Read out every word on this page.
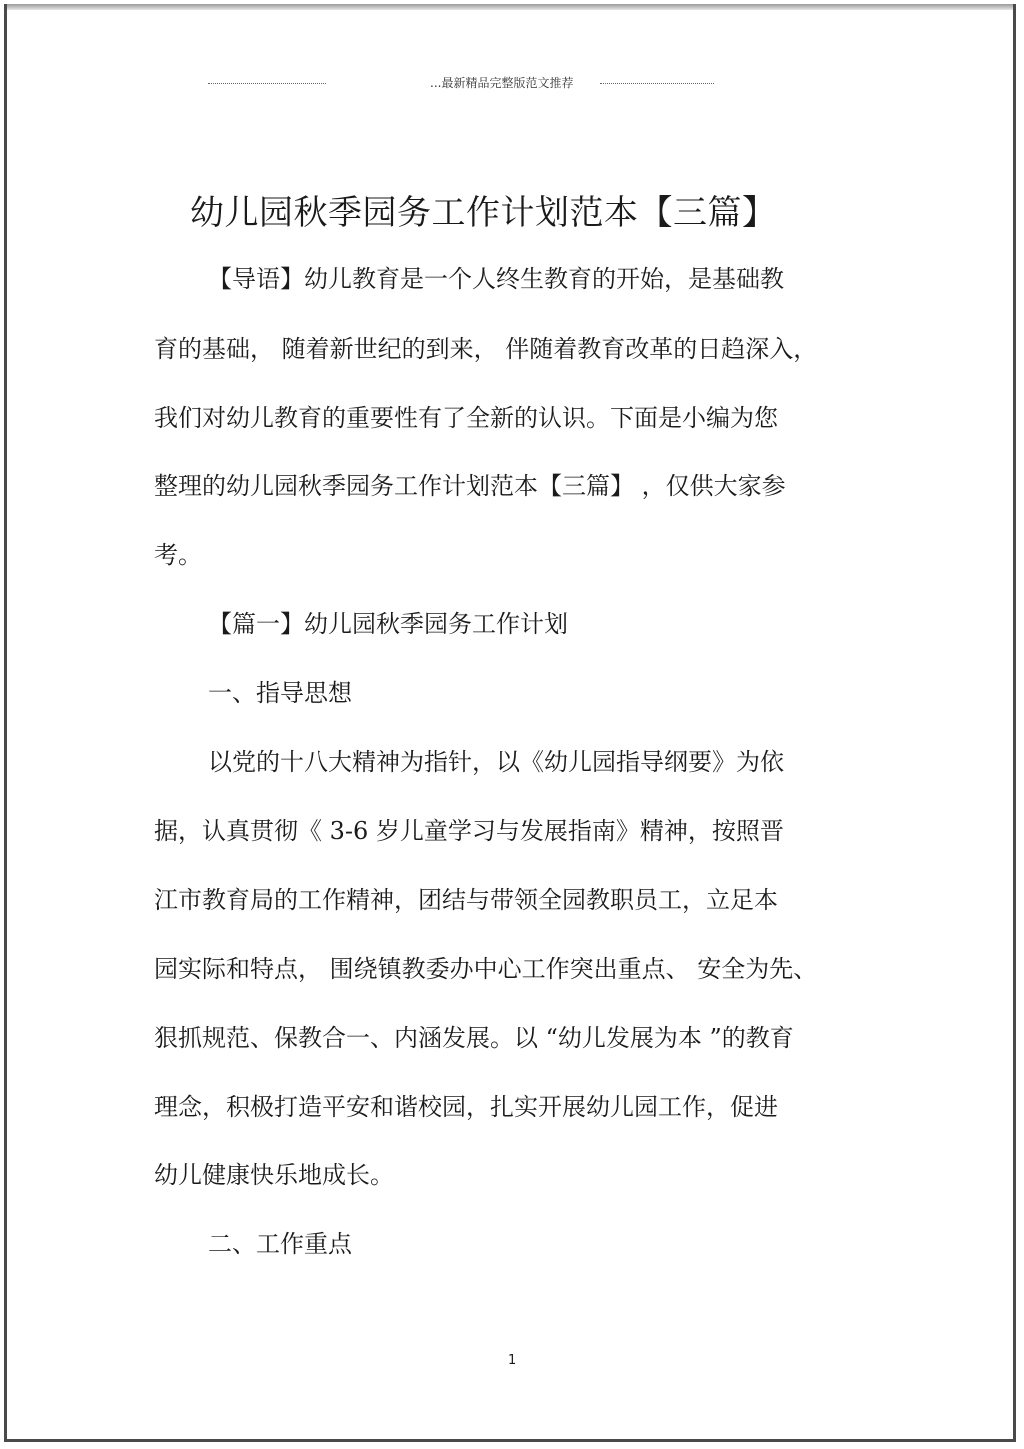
...最新精品完整版范文推荐
幼儿园秋季园务工作计划范本【三篇】
【导语】幼儿教育是一个人终生教育的开始，是基础教
育的基础， 随着新世纪的到来， 伴随着教育改革的日趋深入，
我们对幼儿教育的重要性有了全新的认识。下面是小编为您
整理的幼儿园秋季园务工作计划范本【三篇】 ，仅供大家参
考。
【篇一】幼儿园秋季园务工作计划
一、指导思想
以党的十八大精神为指针，以《幼儿园指导纲要》为依
据，认真贯彻《 3-6 岁儿童学习与发展指南》精神，按照晋
江市教育局的工作精神，团结与带领全园教职员工，立足本
园实际和特点， 围绕镇教委办中心工作突出重点、 安全为先、
狠抓规范、保教合一、内涵发展。以 “幼儿发展为本 ”的教育
理念，积极打造平安和谐校园，扎实开展幼儿园工作，促进
幼儿健康快乐地成长。
二、工作重点
1
